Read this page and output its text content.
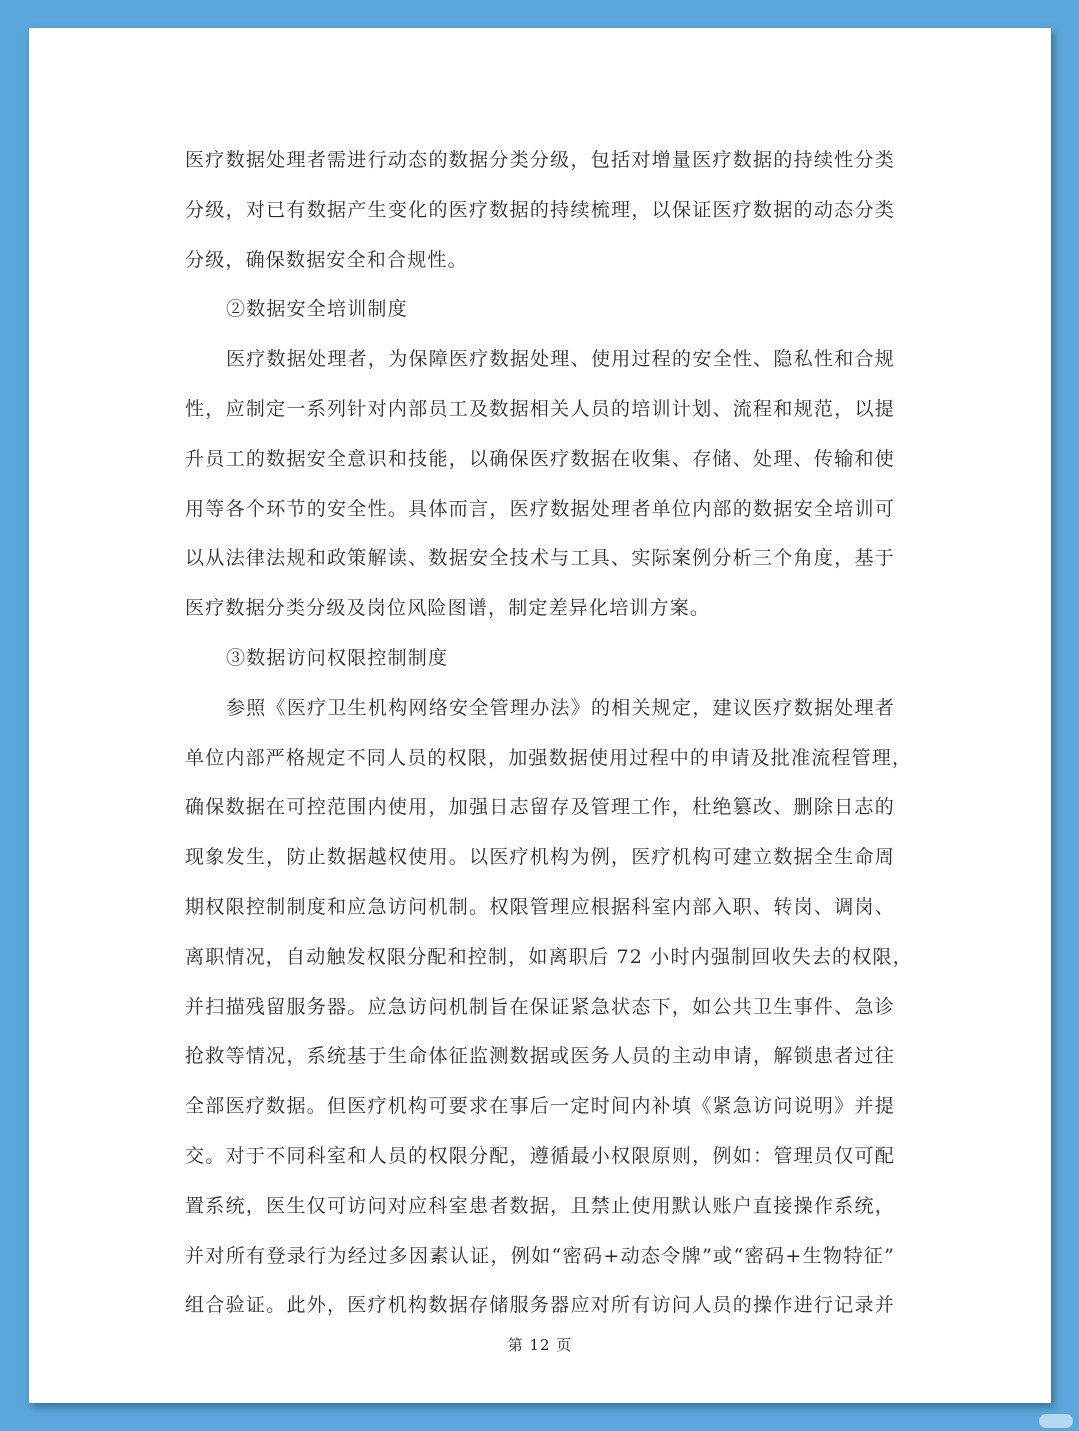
医疗数据处理者需进行动态的数据分类分级，包括对增量医疗数据的持续性分类
分级，对已有数据产生变化的医疗数据的持续梳理，以保证医疗数据的动态分类
分级，确保数据安全和合规性。
②数据安全培训制度
医疗数据处理者，为保障医疗数据处理、使用过程的安全性、隐私性和合规
性，应制定一系列针对内部员工及数据相关人员的培训计划、流程和规范，以提
升员工的数据安全意识和技能，以确保医疗数据在收集、存储、处理、传输和使
用等各个环节的安全性。具体而言，医疗数据处理者单位内部的数据安全培训可
以从法律法规和政策解读、数据安全技术与工具、实际案例分析三个角度，基于
医疗数据分类分级及岗位风险图谱，制定差异化培训方案。
③数据访问权限控制制度
参照《医疗卫生机构网络安全管理办法》的相关规定，建议医疗数据处理者
单位内部严格规定不同人员的权限，加强数据使用过程中的申请及批准流程管理，
确保数据在可控范围内使用，加强日志留存及管理工作，杜绝篡改、删除日志的
现象发生，防止数据越权使用。以医疗机构为例，医疗机构可建立数据全生命周
期权限控制制度和应急访问机制。权限管理应根据科室内部入职、转岗、调岗、
离职情况，自动触发权限分配和控制，如离职后 72 小时内强制回收失去的权限，
并扫描残留服务器。应急访问机制旨在保证紧急状态下，如公共卫生事件、急诊
抢救等情况，系统基于生命体征监测数据或医务人员的主动申请，解锁患者过往
全部医疗数据。但医疗机构可要求在事后一定时间内补填《紧急访问说明》并提
交。对于不同科室和人员的权限分配，遵循最小权限原则，例如：管理员仅可配
置系统，医生仅可访问对应科室患者数据，且禁止使用默认账户直接操作系统，
并对所有登录行为经过多因素认证，例如“密码+动态令牌”或“密码+生物特征”
组合验证。此外，医疗机构数据存储服务器应对所有访问人员的操作进行记录并
第 12 页
